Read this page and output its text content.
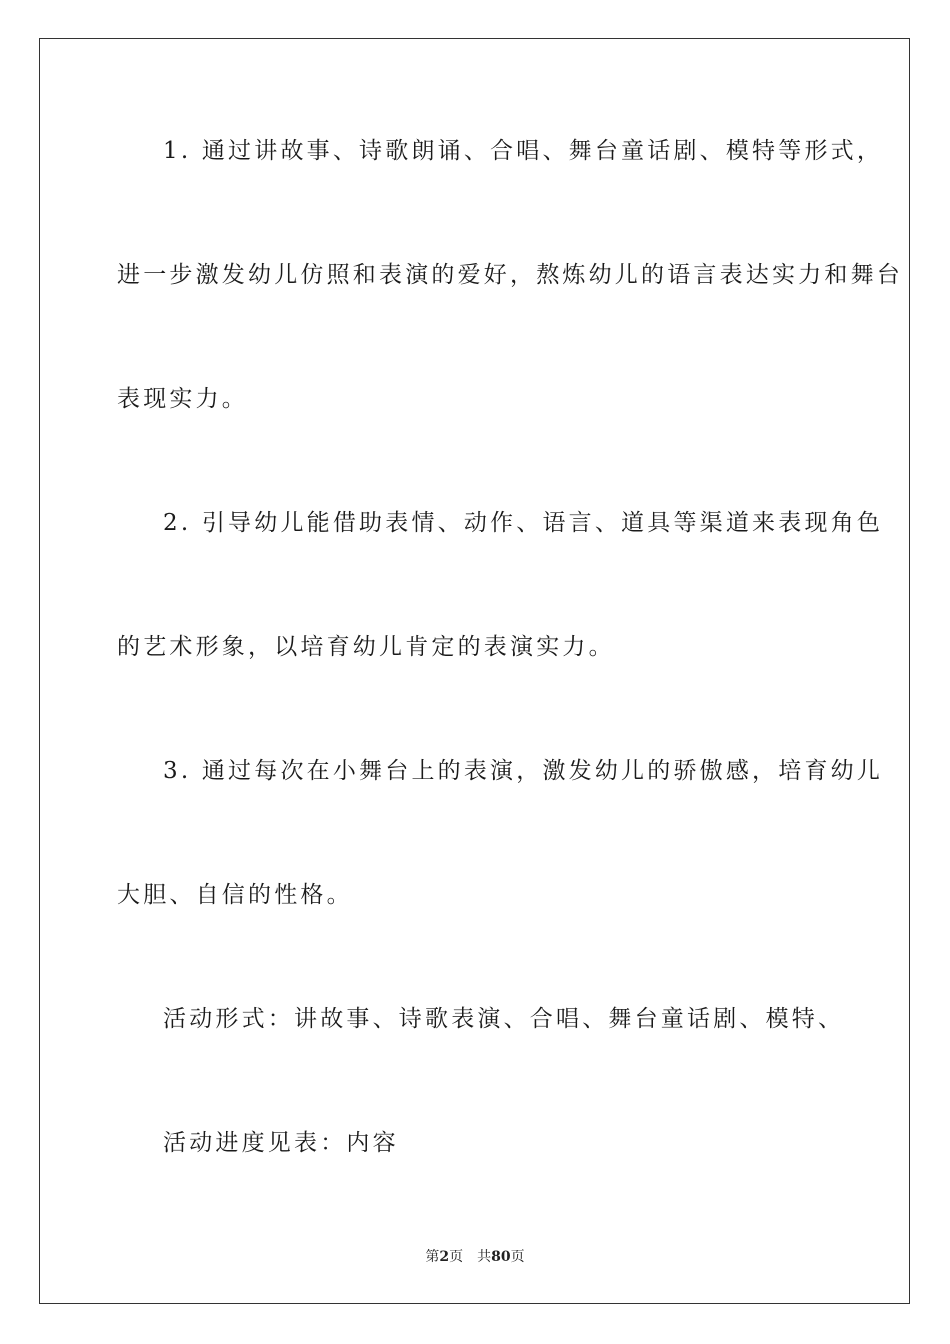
1. 通过讲故事、诗歌朗诵、合唱、舞台童话剧、模特等形式，
进一步激发幼儿仿照和表演的爱好，熬炼幼儿的语言表达实力和舞台
表现实力。
2. 引导幼儿能借助表情、动作、语言、道具等渠道来表现角色
的艺术形象，以培育幼儿肯定的表演实力。
3. 通过每次在小舞台上的表演，激发幼儿的骄傲感，培育幼儿
大胆、自信的性格。
活动形式：讲故事、诗歌表演、合唱、舞台童话剧、模特、
活动进度见表：内容
第2页 共80页
